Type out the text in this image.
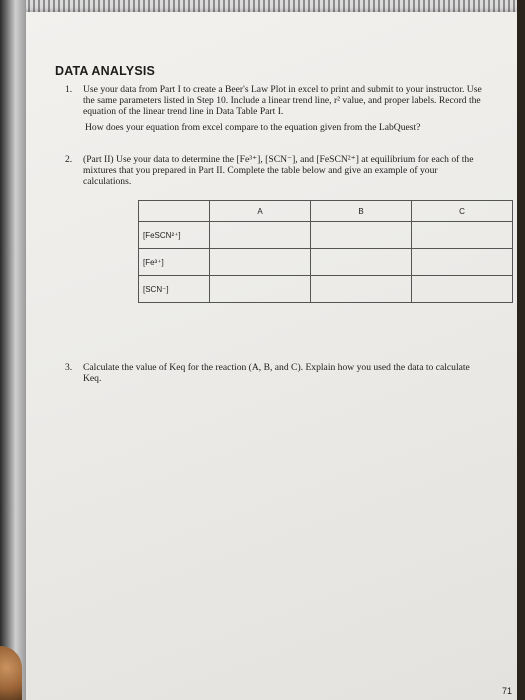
DATA ANALYSIS
1. Use your data from Part I to create a Beer's Law Plot in excel to print and submit to your instructor. Use the same parameters listed in Step 10. Include a linear trend line, r² value, and proper labels. Record the equation of the linear trend line in Data Table Part I.
How does your equation from excel compare to the equation given from the LabQuest?
2. (Part II) Use your data to determine the [Fe³⁺], [SCN⁻], and [FeSCN²⁺] at equilibrium for each of the mixtures that you prepared in Part II. Complete the table below and give an example of your calculations.
	A	B	C
[FeSCN²⁺]			
[Fe³⁺]			
[SCN⁻]			
3. Calculate the value of Keq for the reaction (A, B, and C). Explain how you used the data to calculate Keq.
71
